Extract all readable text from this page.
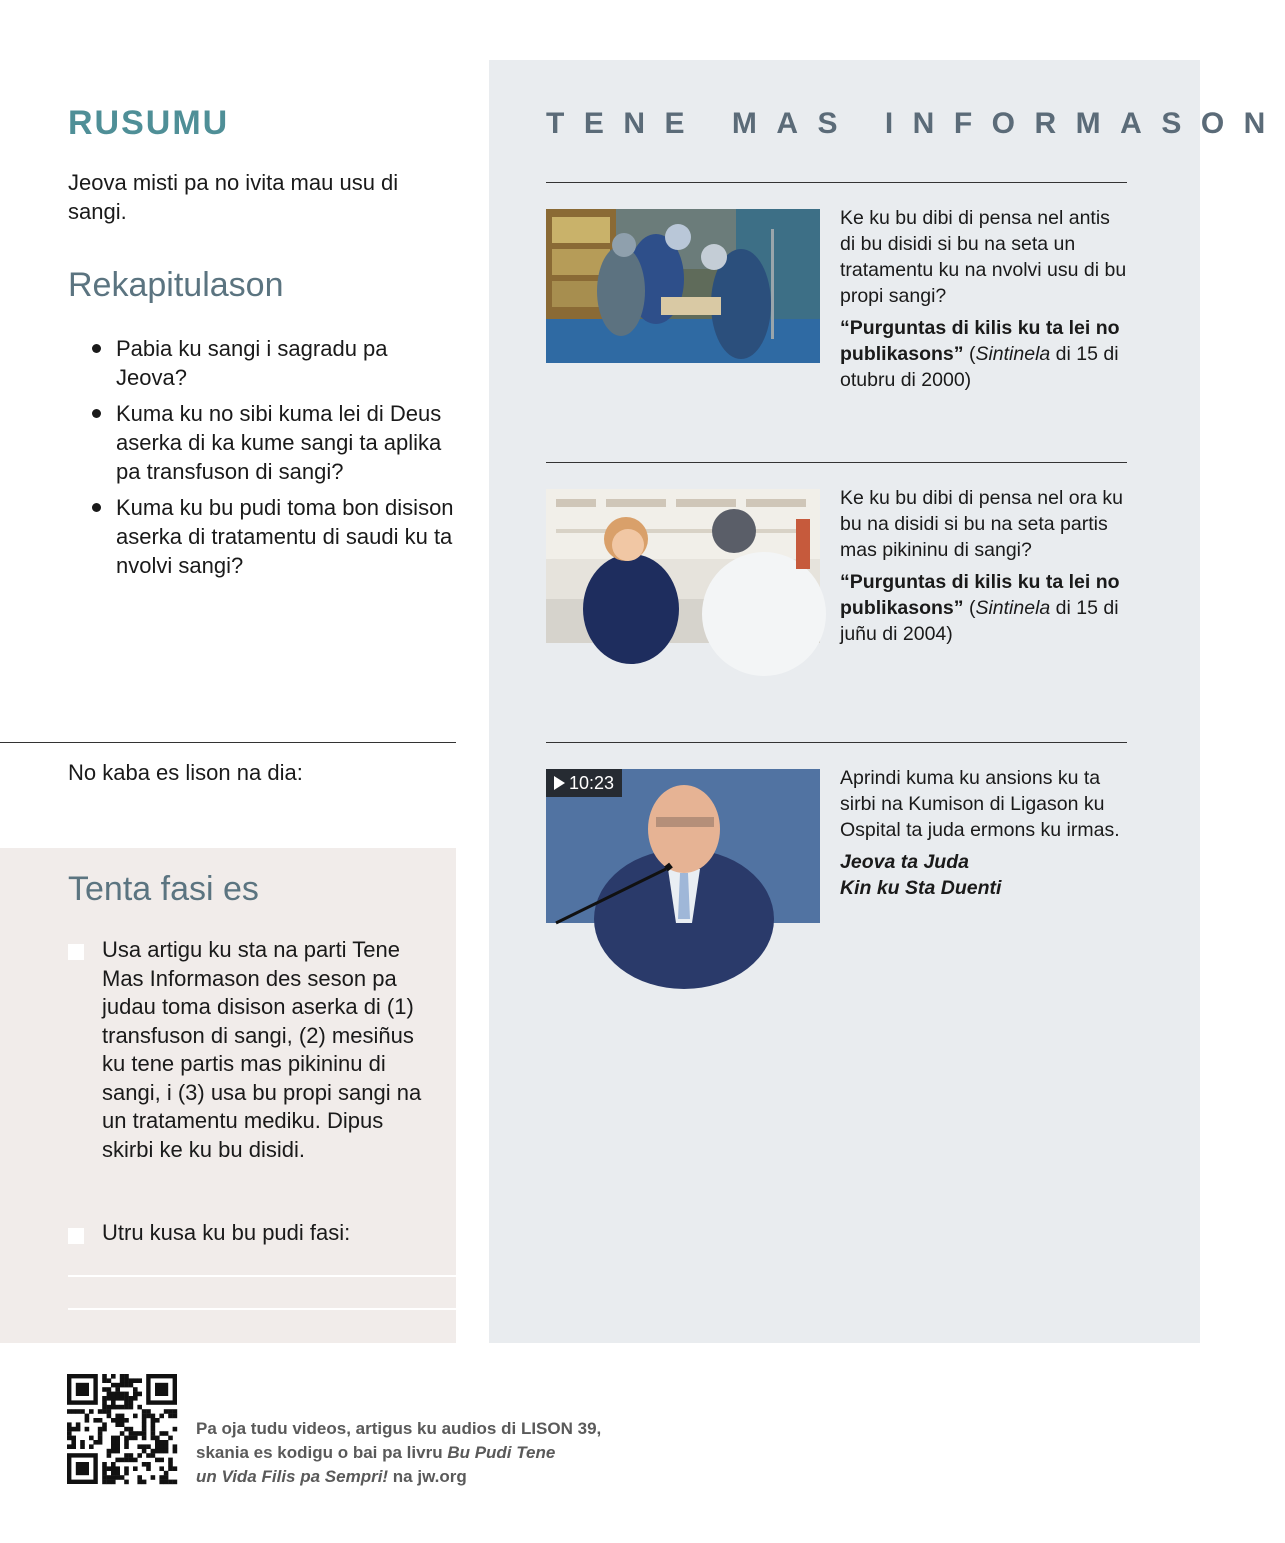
RUSUMU

Jeova misti pa no ivita mau usu di sangi.

Rekapitulason
Pabia ku sangi i sagradu pa Jeova?
Kuma ku no sibi kuma lei di Deus aserka di ka kume sangi ta aplika pa transfuson di sangi?
Kuma ku bu pudi toma bon disison aserka di tratamentu di saudi ku ta nvolvi sangi?

No kaba es lison na dia:

Tenta fasi es

Usa artigu ku sta na parti Tene Mas Informason des seson pa judau toma disison aserka di (1) transfuson di sangi, (2) mesiñus ku tene partis mas pikininu di sangi, i (3) usa bu propi sangi na un tratamentu mediku. Dipus skirbi ke ku bu disidi.

Utru kusa ku bu pudi fasi:

TENE MAS INFORMASON

Ke ku bu dibi di pensa nel antis di bu disidi si bu na seta un tratamentu ku na nvolvi usu di bu propi sangi?

“Purguntas di kilis ku ta lei no publikasons” (Sintinela di 15 di otubru di 2000)

Ke ku bu dibi di pensa nel ora ku bu na disidi si bu na seta partis mas pikininu di sangi?

“Purguntas di kilis ku ta lei no publikasons” (Sintinela di 15 di juñu di 2004)

10:23	Aprindi kuma ku ansions ku ta sirbi na Kumison di Ligason ku Ospital ta juda ermons ku irmas.

Jeova ta Juda
Kin ku Sta Duenti

Pa oja tudu videos, artigus ku audios di LISON 39,
skania es kodigu o bai pa livru Bu Pudi Tene
un Vida Filis pa Sempri! na jw.org
